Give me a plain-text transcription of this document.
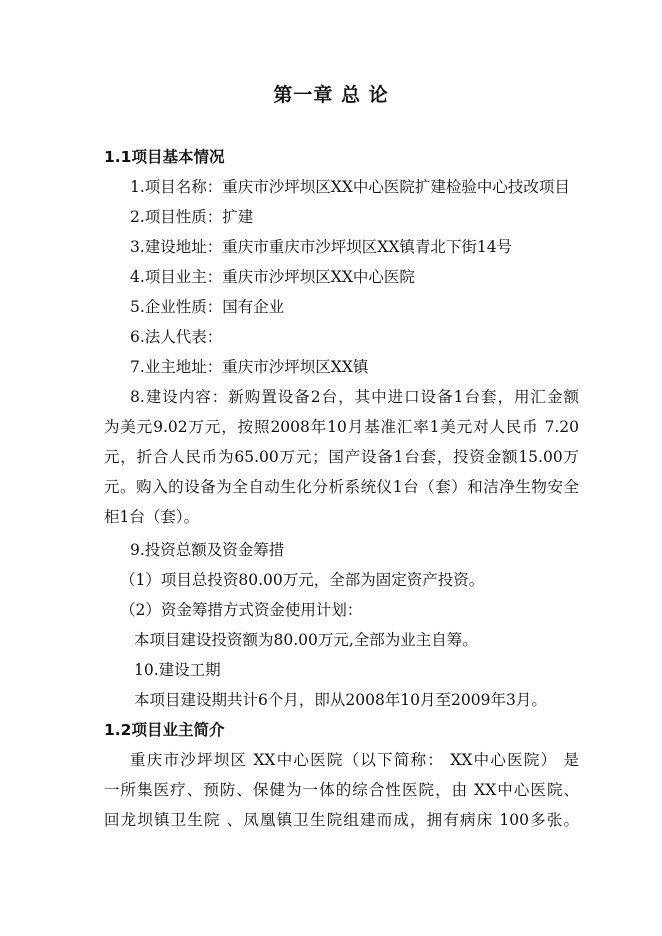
第一章 总 论
1.1项目基本情况
1.项目名称：重庆市沙坪坝区XX中心医院扩建检验中心技改项目
2.项目性质：扩建
3.建设地址：重庆市重庆市沙坪坝区XX镇青北下街14号
4.项目业主：重庆市沙坪坝区XX中心医院
5.企业性质：国有企业
6.法人代表：
7.业主地址：重庆市沙坪坝区XX镇
8.建设内容：新购置设备2台，其中进口设备1台套，用汇金额
为美元9.02万元，按照2008年10月基准汇率1美元对人民币 7.20
元，折合人民币为65.00万元；国产设备1台套，投资金额15.00万
元。购入的设备为全自动生化分析系统仪1台（套）和洁净生物安全
柜1台（套）。
9.投资总额及资金筹措
（1）项目总投资80.00万元，全部为固定资产投资。
（2）资金筹措方式资金使用计划：
本项目建设投资额为80.00万元,全部为业主自筹。
10.建设工期
本项目建设期共计6个月，即从2008年10月至2009年3月。
1.2项目业主简介
重庆市沙坪坝区 XX中心医院（以下简称： XX中心医院） 是
一所集医疗、预防、保健为一体的综合性医院，由 XX中心医院、
回龙坝镇卫生院 、凤凰镇卫生院组建而成，拥有病床 100多张。
